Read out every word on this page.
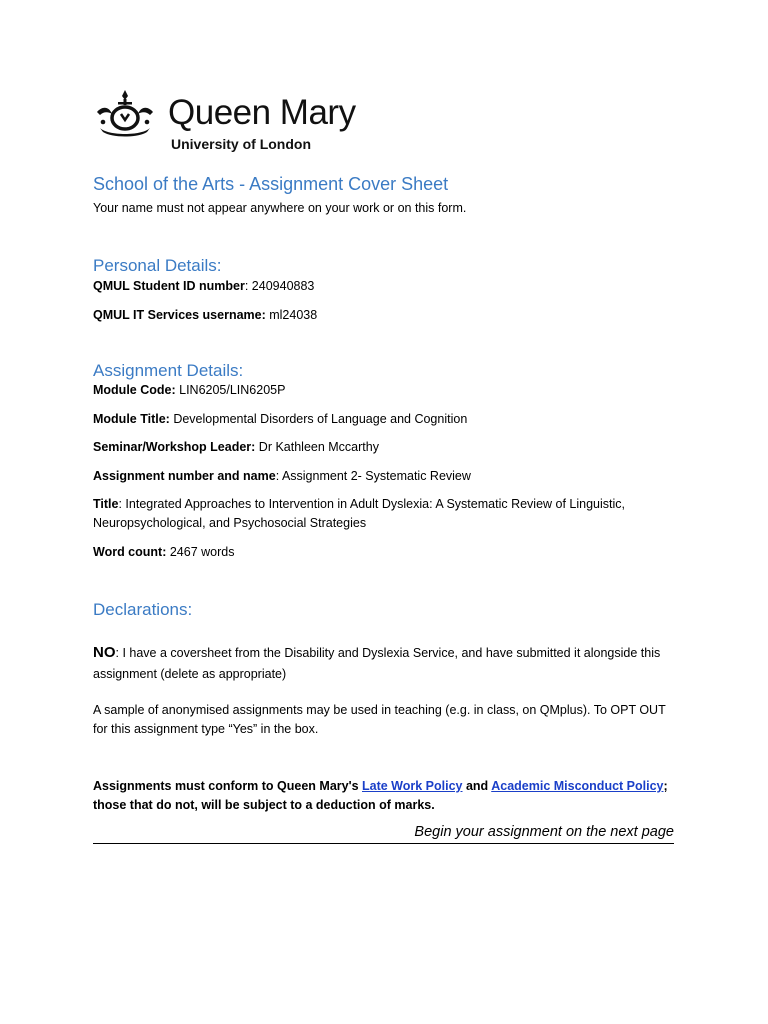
Queen Mary
University of London
School of the Arts - Assignment Cover Sheet
Your name must not appear anywhere on your work or on this form.
Personal Details:
QMUL Student ID number: 240940883
QMUL IT Services username: ml24038
Assignment Details:
Module Code: LIN6205/LIN6205P
Module Title: Developmental Disorders of Language and Cognition
Seminar/Workshop Leader: Dr Kathleen Mccarthy
Assignment number and name: Assignment 2- Systematic Review
Title: Integrated Approaches to Intervention in Adult Dyslexia: A Systematic Review of Linguistic, Neuropsychological, and Psychosocial Strategies
Word count: 2467 words
Declarations:
NO: I have a coversheet from the Disability and Dyslexia Service, and have submitted it alongside this assignment (delete as appropriate)
A sample of anonymised assignments may be used in teaching (e.g. in class, on QMplus). To OPT OUT for this assignment type “Yes” in the box.
Assignments must conform to Queen Mary's Late Work Policy and Academic Misconduct Policy;
those that do not, will be subject to a deduction of marks.
Begin your assignment on the next page
